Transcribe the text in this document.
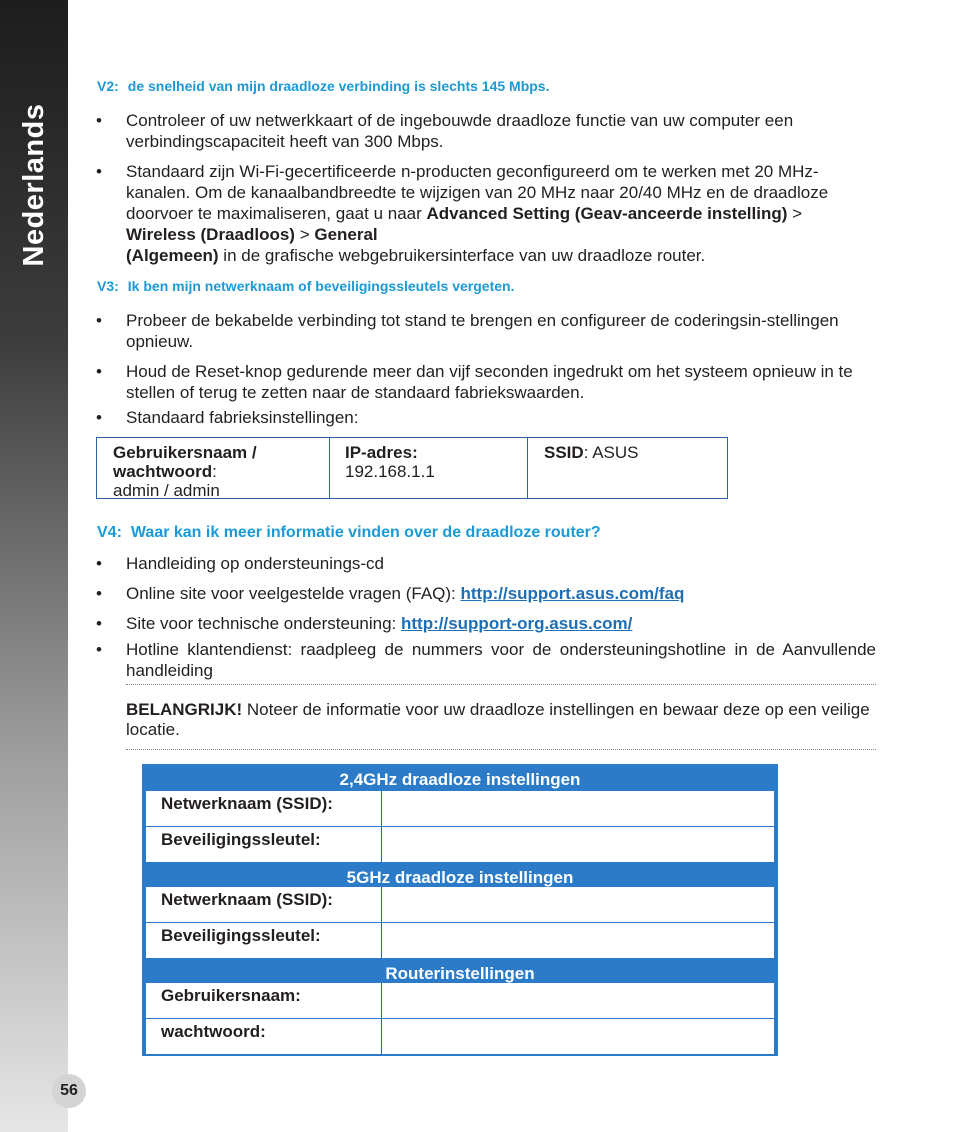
Nederlands
56
V2: de snelheid van mijn draadloze verbinding is slechts 145 Mbps.
• Controleer of uw netwerkkaart of de ingebouwde draadloze functie van uw computer een verbindingscapaciteit heeft van 300 Mbps.
• Standaard zijn Wi-Fi-gecertificeerde n-producten geconfigureerd om te werken met 20 MHz-kanalen. Om de kanaalbandbreedte te wijzigen van 20 MHz naar 20/40 MHz en de draadloze doorvoer te maximaliseren, gaat u naar Advanced Setting (Geav-anceerde instelling) > Wireless (Draadloos) > General
(Algemeen) in de grafische webgebruikersinterface van uw draadloze router.
V3: Ik ben mijn netwerknaam of beveiligingssleutels vergeten.
• Probeer de bekabelde verbinding tot stand te brengen en configureer de coderingsin-stellingen opnieuw.
• Houd de Reset-knop gedurende meer dan vijf seconden ingedrukt om het systeem opnieuw in te stellen of terug te zetten naar de standaard fabriekswaarden.
• Standaard fabrieksinstellingen:
Gebruikersnaam / wachtwoord:
admin / admin
IP-adres:
192.168.1.1
SSID: ASUS
V4: Waar kan ik meer informatie vinden over de draadloze router?
• Handleiding op ondersteunings-cd
• Online site voor veelgestelde vragen (FAQ): http://support.asus.com/faq
• Site voor technische ondersteuning: http://support-org.asus.com/
• Hotline klantendienst: raadpleeg de nummers voor de ondersteuningshotline in de Aanvullende handleiding
BELANGRIJK! Noteer de informatie voor uw draadloze instellingen en bewaar deze op een veilige locatie.
2,4GHz draadloze instellingen
Netwerknaam (SSID):
Beveiligingssleutel:
5GHz draadloze instellingen
Netwerknaam (SSID):
Beveiligingssleutel:
Routerinstellingen
Gebruikersnaam:
wachtwoord:
